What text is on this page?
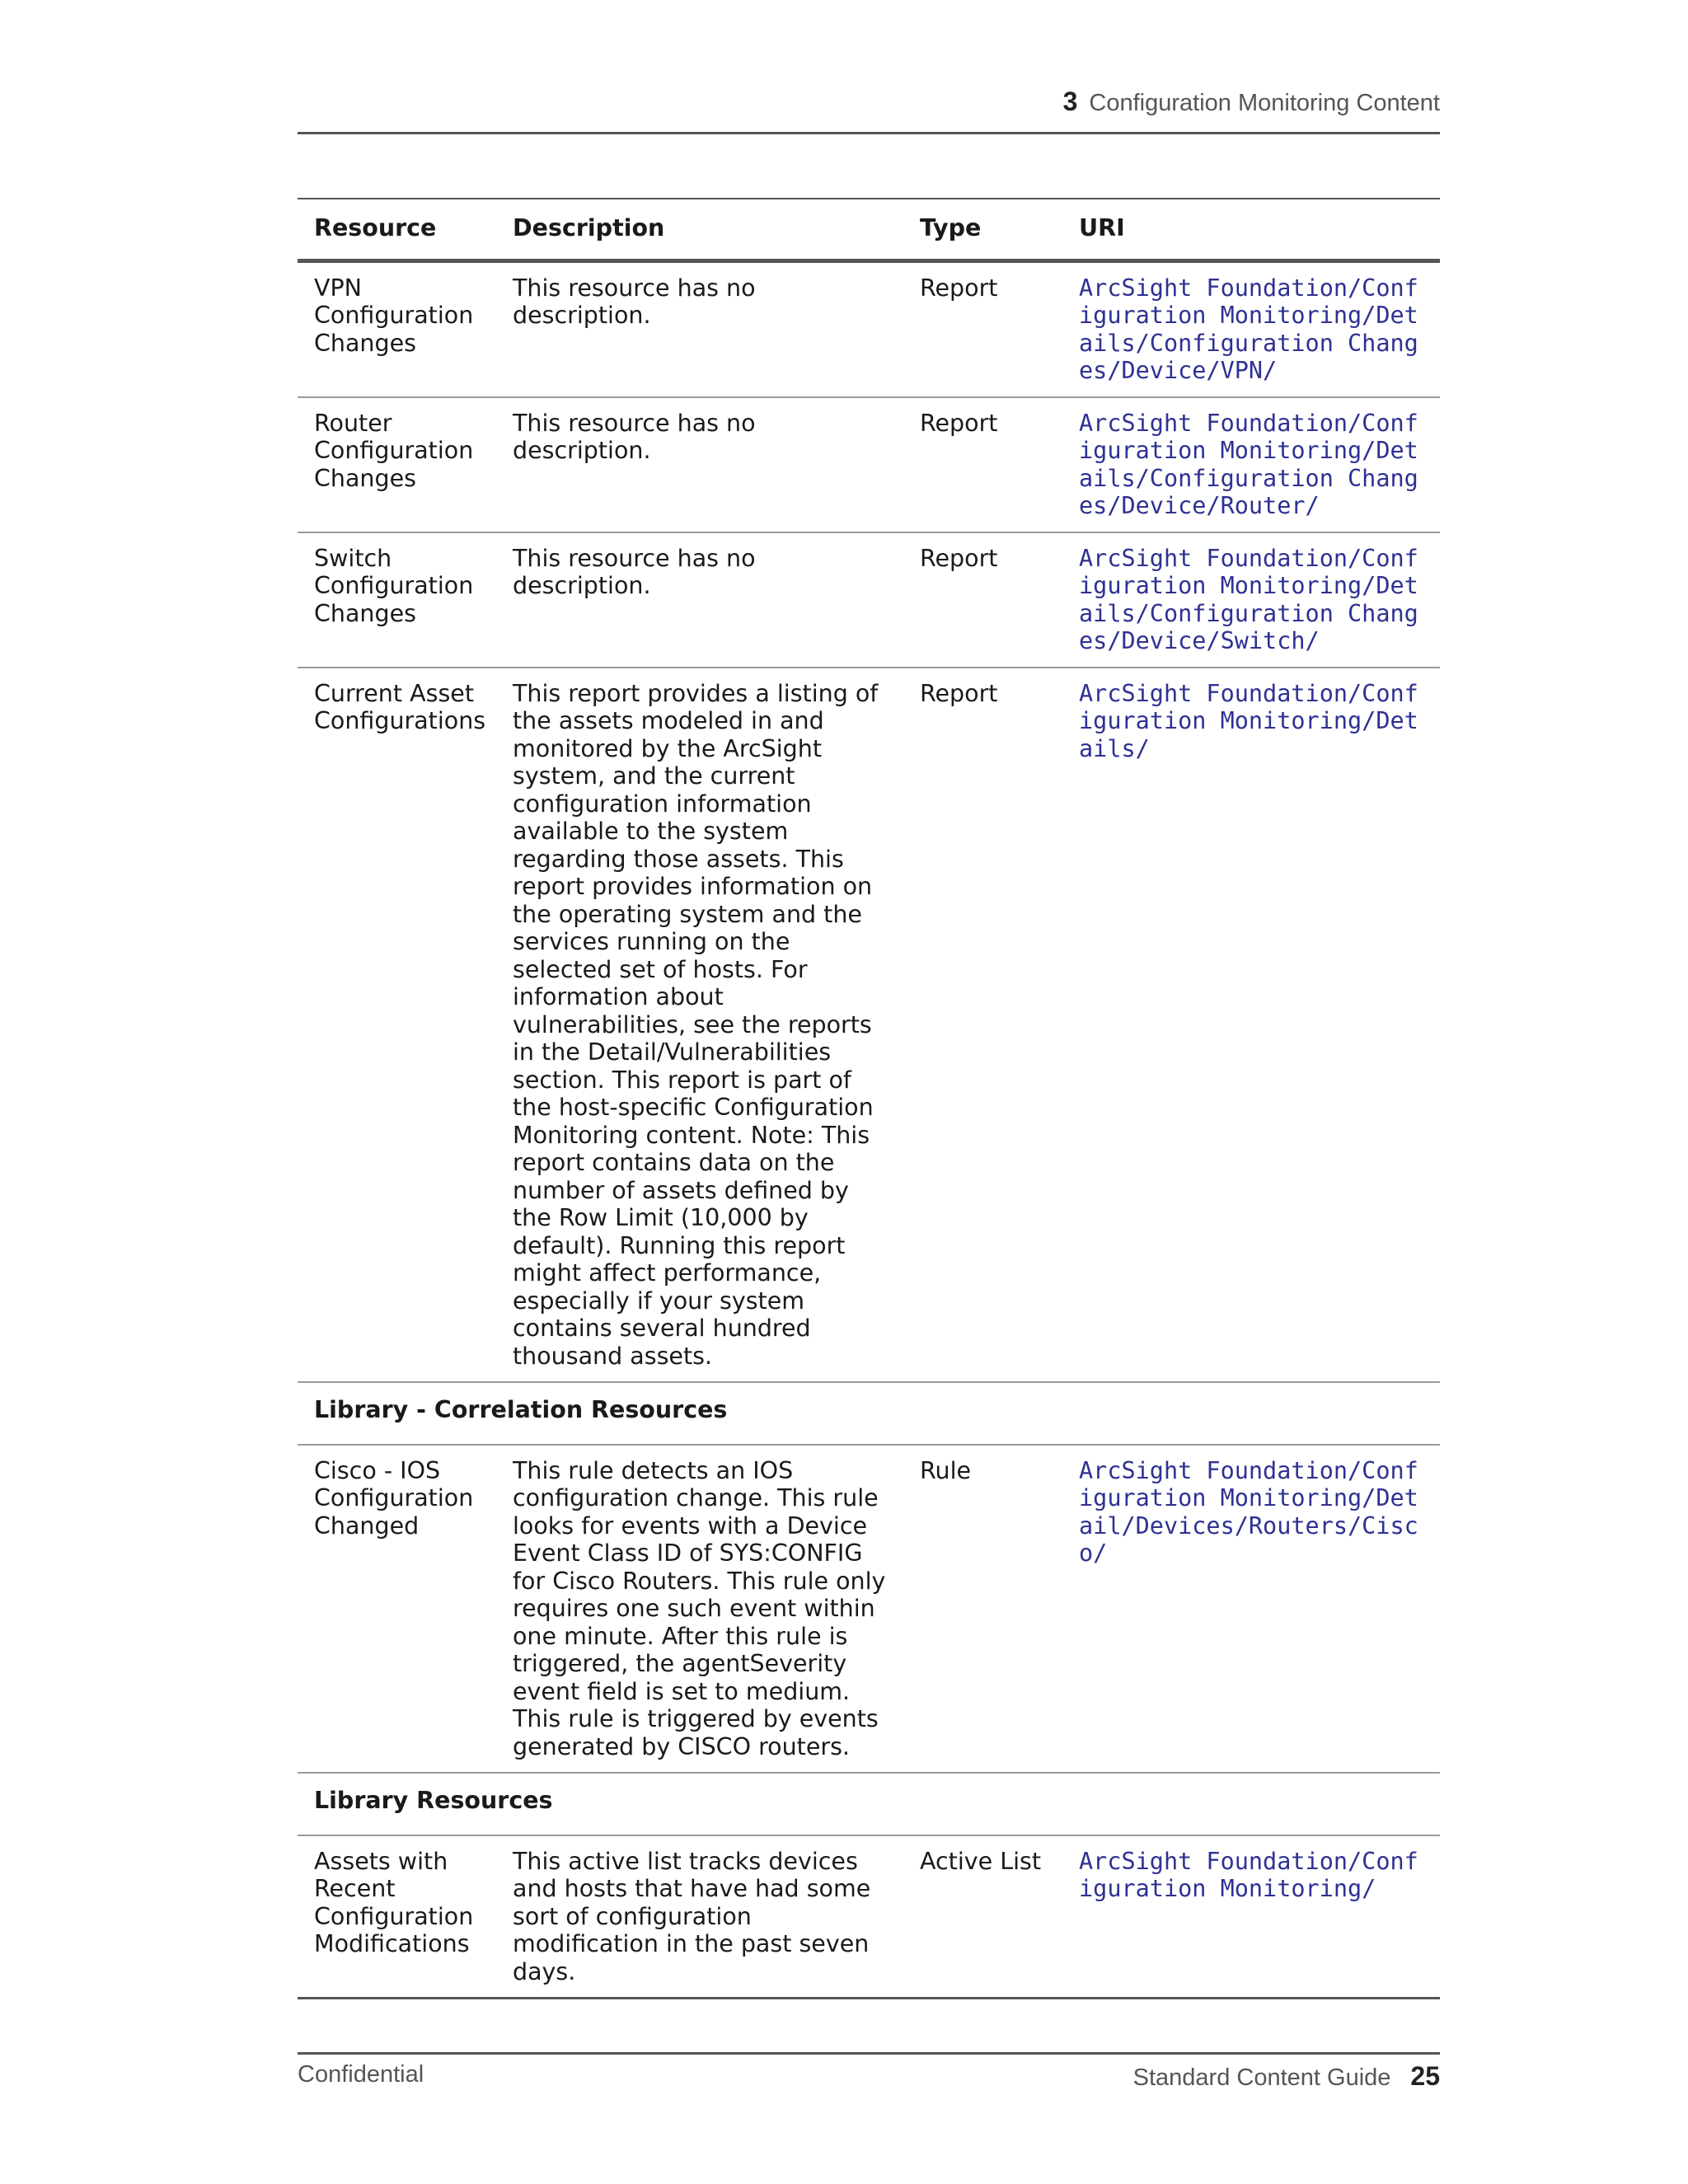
3 Configuration Monitoring Content
Resource	Description	Type	URI
VPN Configuration Changes	This resource has no description.	Report	ArcSight Foundation/Configuration Monitoring/Details/Configuration Changes/Device/VPN/
Router Configuration Changes	This resource has no description.	Report	ArcSight Foundation/Configuration Monitoring/Details/Configuration Changes/Device/Router/
Switch Configuration Changes	This resource has no description.	Report	ArcSight Foundation/Configuration Monitoring/Details/Configuration Changes/Device/Switch/
Current Asset Configurations	This report provides a listing of the assets modeled in and monitored by the ArcSight system, and the current configuration information available to the system regarding those assets. This report provides information on the operating system and the services running on the selected set of hosts. For information about vulnerabilities, see the reports in the Detail/Vulnerabilities section. This report is part of the host-specific Configuration Monitoring content. Note: This report contains data on the number of assets defined by the Row Limit (10,000 by default). Running this report might affect performance, especially if your system contains several hundred thousand assets.	Report	ArcSight Foundation/Configuration Monitoring/Details/
Library - Correlation Resources			
Cisco - IOS Configuration Changed	This rule detects an IOS configuration change. This rule looks for events with a Device Event Class ID of SYS:CONFIG for Cisco Routers. This rule only requires one such event within one minute. After this rule is triggered, the agentSeverity event field is set to medium. This rule is triggered by events generated by CISCO routers.	Rule	ArcSight Foundation/Configuration Monitoring/Detail/Devices/Routers/Cisco/
Library Resources			
Assets with Recent Configuration Modifications	This active list tracks devices and hosts that have had some sort of configuration modification in the past seven days.	Active List	ArcSight Foundation/Configuration Monitoring/
Confidential	Standard Content Guide 25
